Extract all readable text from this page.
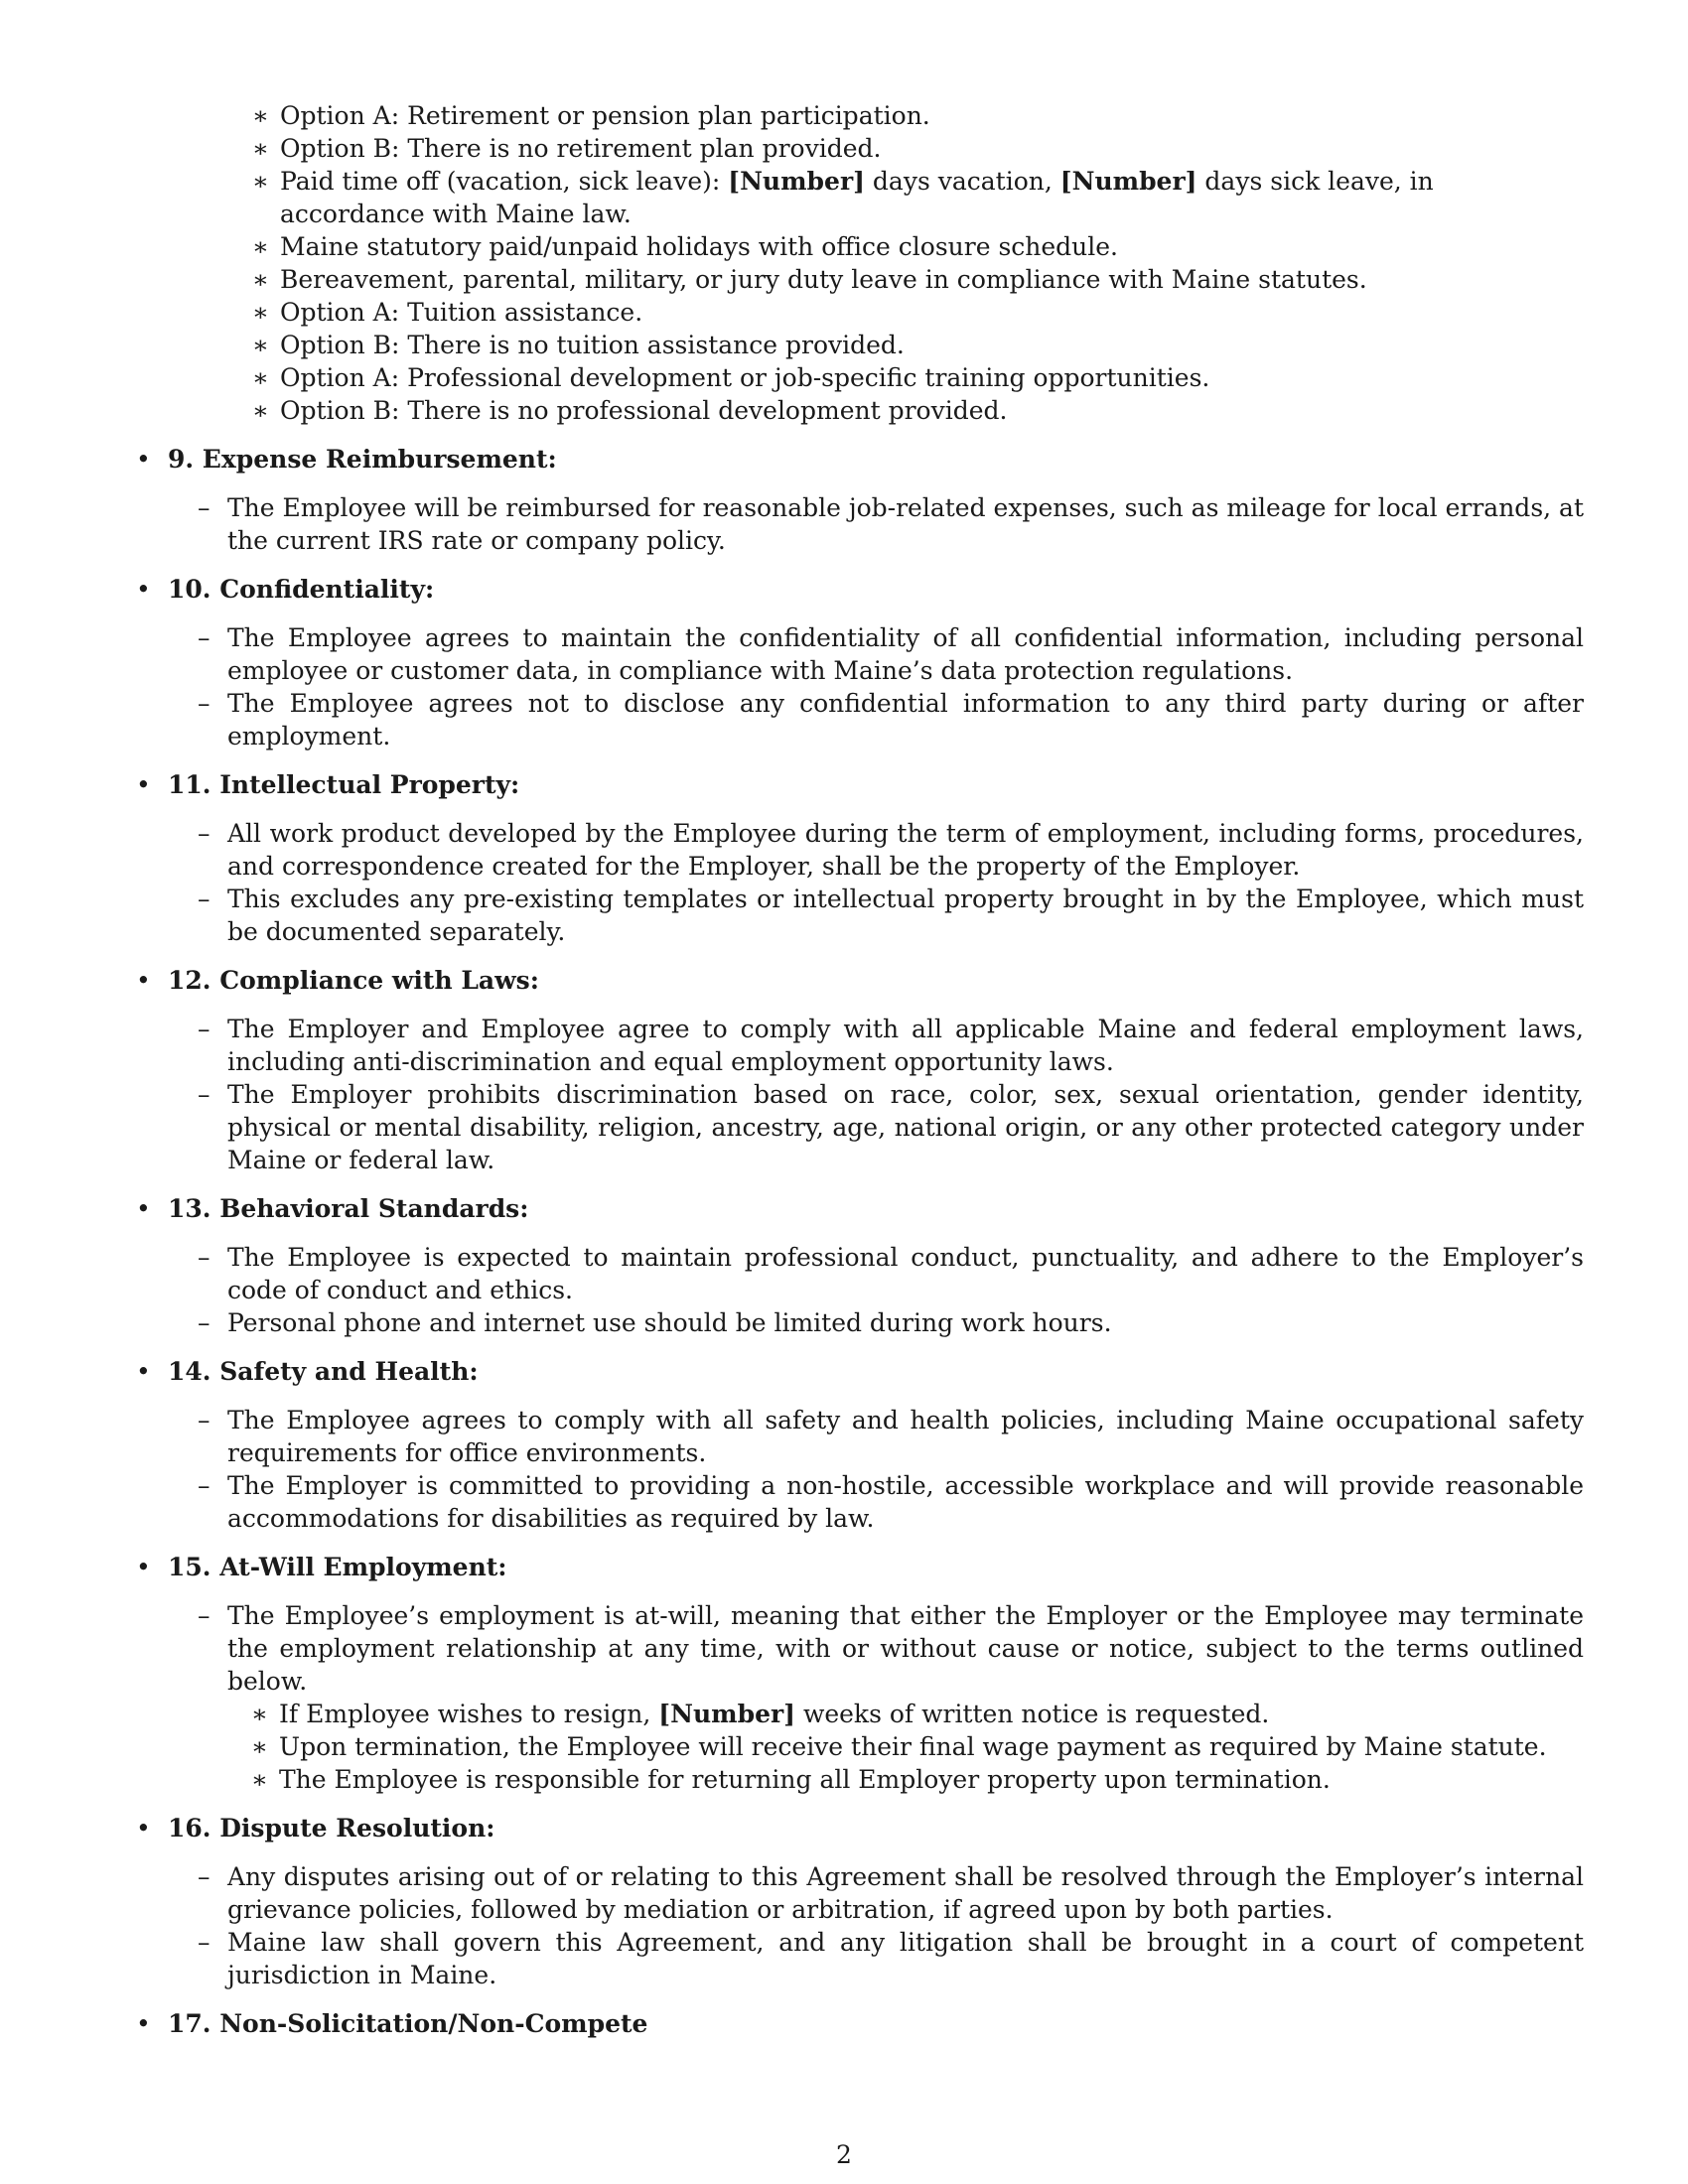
∗ Option A: Retirement or pension plan participation.
∗ Option B: There is no retirement plan provided.
∗ Paid time off (vacation, sick leave): [Number] days vacation, [Number] days sick leave, in accordance with Maine law.
∗ Maine statutory paid/unpaid holidays with office closure schedule.
∗ Bereavement, parental, military, or jury duty leave in compliance with Maine statutes.
∗ Option A: Tuition assistance.
∗ Option B: There is no tuition assistance provided.
∗ Option A: Professional development or job-specific training opportunities.
∗ Option B: There is no professional development provided.
• 9. Expense Reimbursement:
– The Employee will be reimbursed for reasonable job-related expenses, such as mileage for local errands, at the current IRS rate or company policy.
• 10. Confidentiality:
– The Employee agrees to maintain the confidentiality of all confidential information, including personal employee or customer data, in compliance with Maine’s data protection regulations.
– The Employee agrees not to disclose any confidential information to any third party during or after employment.
• 11. Intellectual Property:
– All work product developed by the Employee during the term of employment, including forms, procedures, and correspondence created for the Employer, shall be the property of the Employer.
– This excludes any pre-existing templates or intellectual property brought in by the Employee, which must be documented separately.
• 12. Compliance with Laws:
– The Employer and Employee agree to comply with all applicable Maine and federal employment laws, including anti-discrimination and equal employment opportunity laws.
– The Employer prohibits discrimination based on race, color, sex, sexual orientation, gender identity, physical or mental disability, religion, ancestry, age, national origin, or any other protected category under Maine or federal law.
• 13. Behavioral Standards:
– The Employee is expected to maintain professional conduct, punctuality, and adhere to the Employer’s code of conduct and ethics.
– Personal phone and internet use should be limited during work hours.
• 14. Safety and Health:
– The Employee agrees to comply with all safety and health policies, including Maine occupational safety requirements for office environments.
– The Employer is committed to providing a non-hostile, accessible workplace and will provide reasonable accommodations for disabilities as required by law.
• 15. At-Will Employment:
– The Employee’s employment is at-will, meaning that either the Employer or the Employee may terminate the employment relationship at any time, with or without cause or notice, subject to the terms outlined below.
∗ If Employee wishes to resign, [Number] weeks of written notice is requested.
∗ Upon termination, the Employee will receive their final wage payment as required by Maine statute.
∗ The Employee is responsible for returning all Employer property upon termination.
• 16. Dispute Resolution:
– Any disputes arising out of or relating to this Agreement shall be resolved through the Employer’s internal grievance policies, followed by mediation or arbitration, if agreed upon by both parties.
– Maine law shall govern this Agreement, and any litigation shall be brought in a court of competent jurisdiction in Maine.
• 17. Non-Solicitation/Non-Compete
2
